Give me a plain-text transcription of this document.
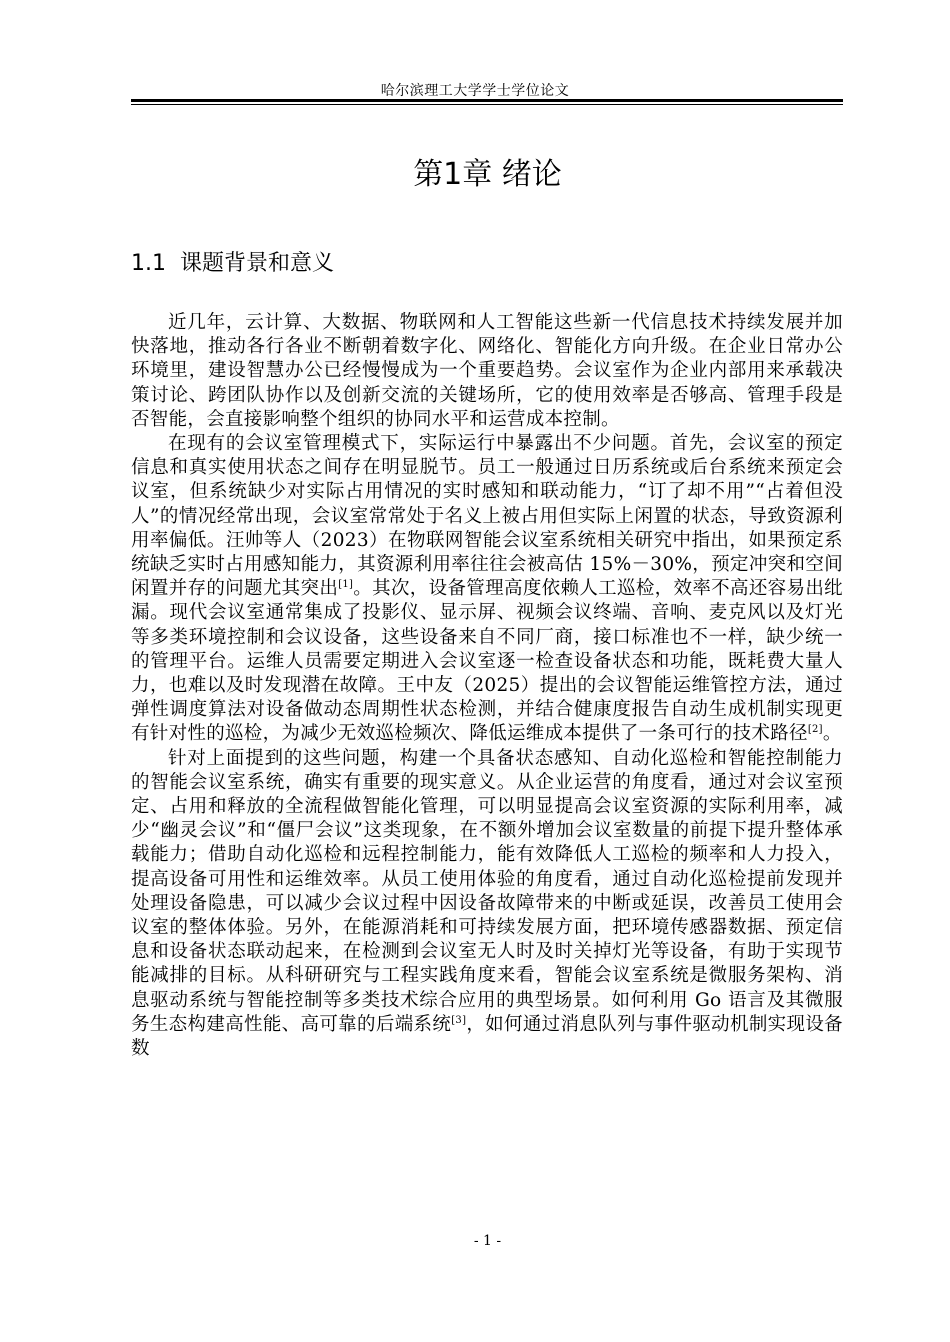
哈尔滨理工大学学士学位论文
第1章 绪论
1.1 课题背景和意义

近几年，云计算、大数据、物联网和人工智能这些新一代信息技术持续发展并加快落地，推动各行各业不断朝着数字化、网络化、智能化方向升级。在企业日常办公环境里，建设智慧办公已经慢慢成为一个重要趋势。会议室作为企业内部用来承载决策讨论、跨团队协作以及创新交流的关键场所，它的使用效率是否够高、管理手段是否智能，会直接影响整个组织的协同水平和运营成本控制。

在现有的会议室管理模式下，实际运行中暴露出不少问题。首先，会议室的预定信息和真实使用状态之间存在明显脱节。员工一般通过日历系统或后台系统来预定会议室，但系统缺少对实际占用情况的实时感知和联动能力，“订了却不用”“占着但没人”的情况经常出现，会议室常常处于名义上被占用但实际上闲置的状态，导致资源利用率偏低。汪帅等人（2023）在物联网智能会议室系统相关研究中指出，如果预定系统缺乏实时占用感知能力，其资源利用率往往会被高估 15%－30%，预定冲突和空间闲置并存的问题尤其突出[1]。其次，设备管理高度依赖人工巡检，效率不高还容易出纰漏。现代会议室通常集成了投影仪、显示屏、视频会议终端、音响、麦克风以及灯光等多类环境控制和会议设备，这些设备来自不同厂商，接口标准也不一样，缺少统一的管理平台。运维人员需要定期进入会议室逐一检查设备状态和功能，既耗费大量人力，也难以及时发现潜在故障。王中友（2025）提出的会议智能运维管控方法，通过弹性调度算法对设备做动态周期性状态检测，并结合健康度报告自动生成机制实现更有针对性的巡检，为减少无效巡检频次、降低运维成本提供了一条可行的技术路径[2]。

针对上面提到的这些问题，构建一个具备状态感知、自动化巡检和智能控制能力的智能会议室系统，确实有重要的现实意义。从企业运营的角度看，通过对会议室预定、占用和释放的全流程做智能化管理，可以明显提高会议室资源的实际利用率，减少“幽灵会议”和“僵尸会议”这类现象，在不额外增加会议室数量的前提下提升整体承载能力；借助自动化巡检和远程控制能力，能有效降低人工巡检的频率和人力投入，提高设备可用性和运维效率。从员工使用体验的角度看，通过自动化巡检提前发现并处理设备隐患，可以减少会议过程中因设备故障带来的中断或延误，改善员工使用会议室的整体体验。另外，在能源消耗和可持续发展方面，把环境传感器数据、预定信息和设备状态联动起来，在检测到会议室无人时及时关掉灯光等设备，有助于实现节能减排的目标。从科研研究与工程实践角度来看，智能会议室系统是微服务架构、消息驱动系统与智能控制等多类技术综合应用的典型场景。如何利用 Go 语言及其微服务生态构建高性能、高可靠的后端系统[3]，如何通过消息队列与事件驱动机制实现设备数

- 1 -
